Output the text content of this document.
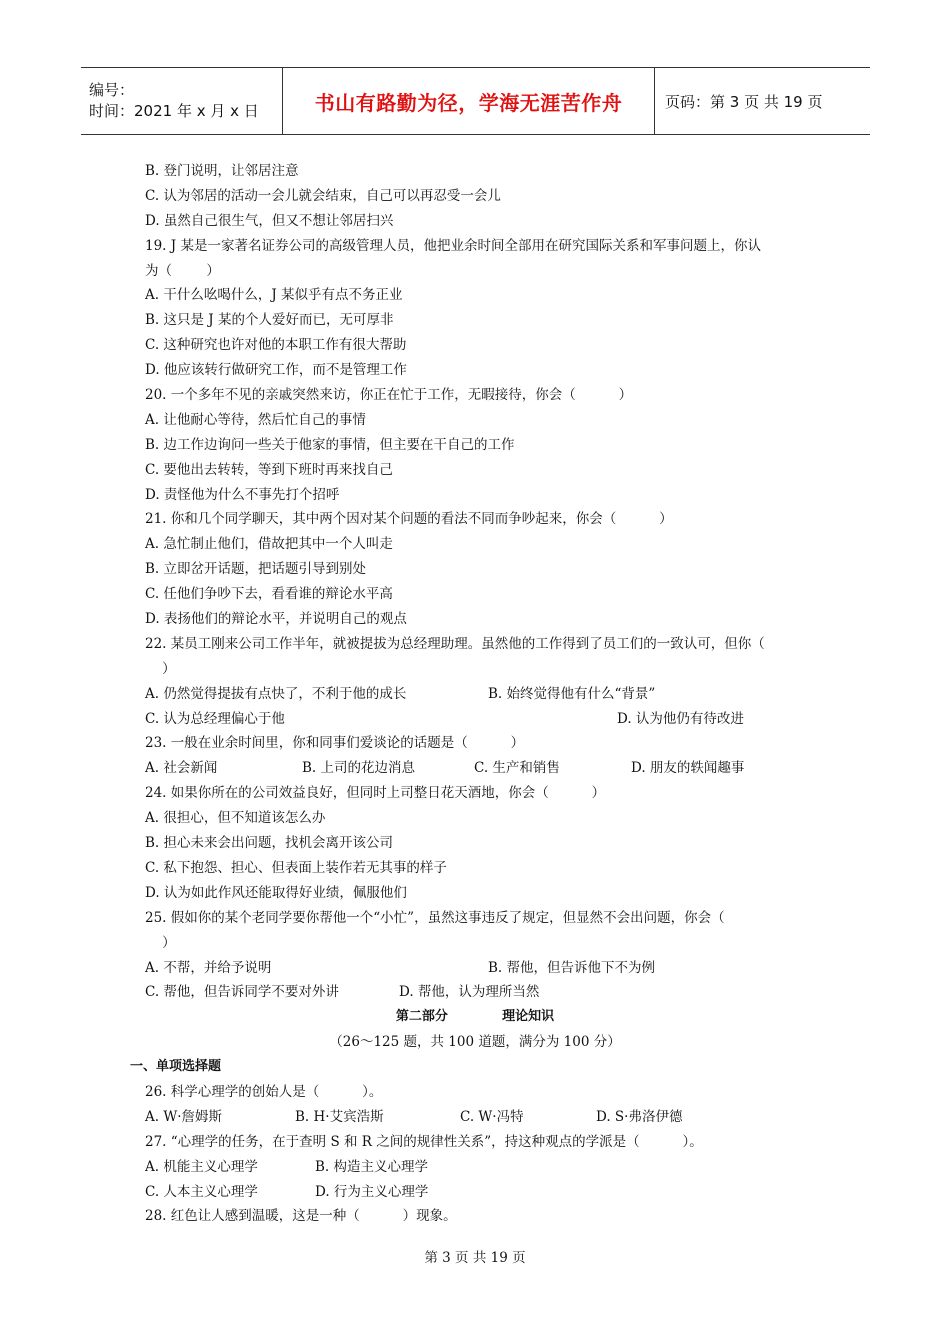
编号：
时间：2021 年 x 月 x 日	书山有路勤为径，学海无涯苦作舟	页码：第 3 页 共 19 页
B. 登门说明，让邻居注意
C. 认为邻居的活动一会儿就会结束，自己可以再忍受一会儿
D. 虽然自己很生气，但又不想让邻居扫兴
19. J 某是一家著名证券公司的高级管理人员，他把业余时间全部用在研究国际关系和军事问题上，你认
为（        ）
A. 干什么吆喝什么，J 某似乎有点不务正业
B. 这只是 J 某的个人爱好而已，无可厚非
C. 这种研究也许对他的本职工作有很大帮助
D. 他应该转行做研究工作，而不是管理工作
20. 一个多年不见的亲戚突然来访，你正在忙于工作，无暇接待，你会（          ）
A. 让他耐心等待，然后忙自己的事情
B. 边工作边询问一些关于他家的事情，但主要在干自己的工作
C. 要他出去转转，等到下班时再来找自己
D. 责怪他为什么不事先打个招呼
21. 你和几个同学聊天，其中两个因对某个问题的看法不同而争吵起来，你会（          ）
A. 急忙制止他们，借故把其中一个人叫走
B. 立即岔开话题，把话题引导到别处
C. 任他们争吵下去，看看谁的辩论水平高
D. 表扬他们的辩论水平，并说明自己的观点
22. 某员工刚来公司工作半年，就被提拔为总经理助理。虽然他的工作得到了员工们的一致认可，但你（
）
A. 仍然觉得提拔有点快了，不利于他的成长	B. 始终觉得他有什么“背景”
C. 认为总经理偏心于他	D. 认为他仍有待改进
23. 一般在业余时间里，你和同事们爱谈论的话题是（          ）
A. 社会新闻	B. 上司的花边消息	C. 生产和销售	D. 朋友的轶闻趣事
24. 如果你所在的公司效益良好，但同时上司整日花天酒地，你会（          ）
A. 很担心，但不知道该怎么办
B. 担心未来会出问题，找机会离开该公司
C. 私下抱怨、担心、但表面上装作若无其事的样子
D. 认为如此作风还能取得好业绩，佩服他们
25. 假如你的某个老同学要你帮他一个“小忙”，虽然这事违反了规定，但显然不会出问题，你会（
）
A. 不帮，并给予说明	B. 帮他，但告诉他下不为例
C. 帮他，但告诉同学不要对外讲              D. 帮他，认为理所当然
第二部分            理论知识
（26～125 题，共 100 道题，满分为 100 分）
一、单项选择题
26. 科学心理学的创始人是（          ）。
A. W·詹姆斯	B. H·艾宾浩斯	C. W·冯特	D. S·弗洛伊德
27. “心理学的任务，在于查明 S 和 R 之间的规律性关系”，持这种观点的学派是（          ）。
A. 机能主义心理学	B. 构造主义心理学
C. 人本主义心理学	D. 行为主义心理学
28. 红色让人感到温暖，这是一种（          ）现象。
第 3 页 共 19 页
